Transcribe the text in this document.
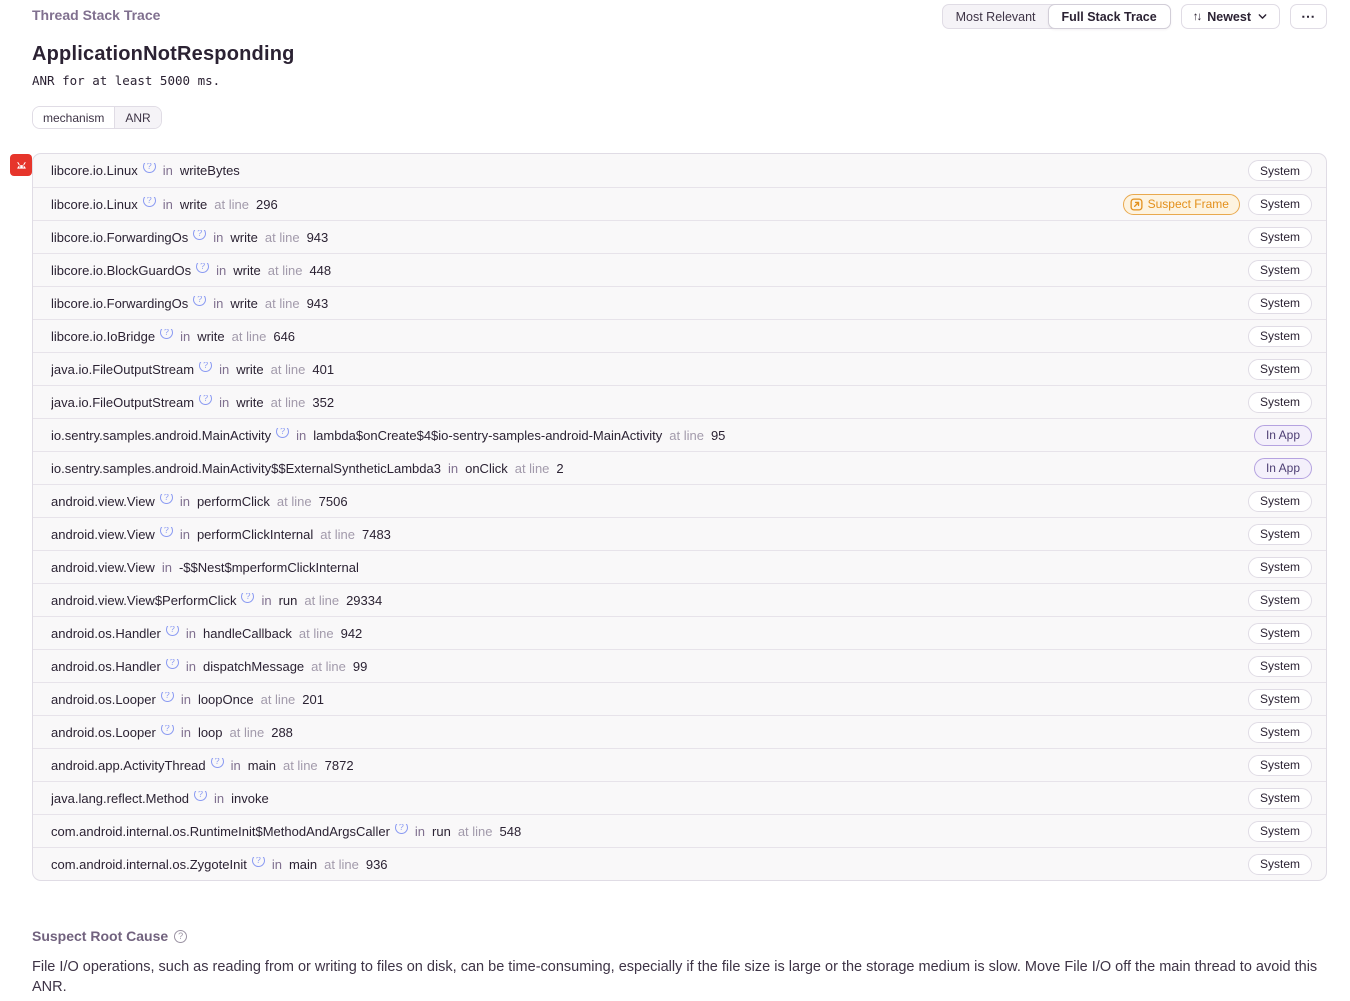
Thread Stack Trace	Most Relevant	Full Stack Trace	↑↓ Newest	⋯
ApplicationNotResponding
ANR for at least 5000 ms.
mechanism	ANR
libcore.io.Linux ? in writeBytes	System
libcore.io.Linux ? in write at line 296	Suspect Frame	System
libcore.io.ForwardingOs ? in write at line 943	System
libcore.io.BlockGuardOs ? in write at line 448	System
libcore.io.ForwardingOs ? in write at line 943	System
libcore.io.IoBridge ? in write at line 646	System
java.io.FileOutputStream ? in write at line 401	System
java.io.FileOutputStream ? in write at line 352	System
io.sentry.samples.android.MainActivity ? in lambda$onCreate$4$io-sentry-samples-android-MainActivity at line 95	In App
io.sentry.samples.android.MainActivity$$ExternalSyntheticLambda3 in onClick at line 2	In App
android.view.View ? in performClick at line 7506	System
android.view.View ? in performClickInternal at line 7483	System
android.view.View in -$$Nest$mperformClickInternal	System
android.view.View$PerformClick ? in run at line 29334	System
android.os.Handler ? in handleCallback at line 942	System
android.os.Handler ? in dispatchMessage at line 99	System
android.os.Looper ? in loopOnce at line 201	System
android.os.Looper ? in loop at line 288	System
android.app.ActivityThread ? in main at line 7872	System
java.lang.reflect.Method ? in invoke	System
com.android.internal.os.RuntimeInit$MethodAndArgsCaller ? in run at line 548	System
com.android.internal.os.ZygoteInit ? in main at line 936	System
Suspect Root Cause	?

File I/O operations, such as reading from or writing to files on disk, can be time-consuming, especially if the file size is large or the storage medium is slow. Move File I/O off the main thread to avoid this ANR.
